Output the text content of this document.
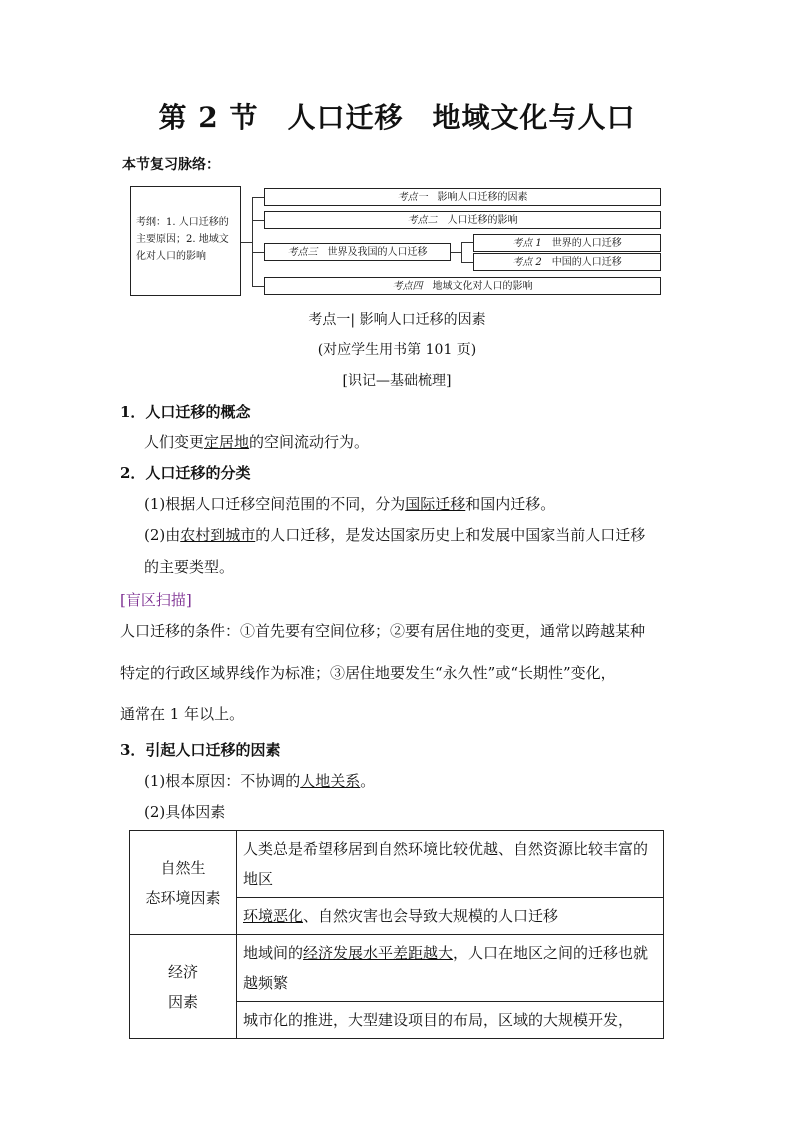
第 2 节　人口迁移　地域文化与人口
本节复习脉络：
考纲：1. 人口迁移的主要原因；2. 地域文化对人口的影响
考点一　 影响人口迁移的因素
考点二　 人口迁移的影响
考点三　 世界及我国的人口迁移
考点四　 地域文化对人口的影响
考点 1　 世界的人口迁移
考点 2　 中国的人口迁移
考点一| 影响人口迁移的因素
(对应学生用书第 101 页)
[识记—基础梳理]
1．人口迁移的概念
人们变更定居地的空间流动行为。
2．人口迁移的分类
(1)根据人口迁移空间范围的不同，分为国际迁移和国内迁移。
(2)由农村到城市的人口迁移，是发达国家历史上和发展中国家当前人口迁移
的主要类型。
[盲区扫描]
人口迁移的条件：①首先要有空间位移；②要有居住地的变更，通常以跨越某种
特定的行政区域界线作为标准；③居住地要发生“永久性”或“长期性”变化，
通常在 1 年以上。
3．引起人口迁移的因素
(1)根本原因：不协调的人地关系。
(2)具体因素
自然生
态环境因素	人类总是希望移居到自然环境比较优越、自然资源比较丰富的地区
	环境恶化、自然灾害也会导致大规模的人口迁移

经济
因素	地域间的经济发展水平差距越大，人口在地区之间的迁移也就越频繁
	城市化的推进，大型建设项目的布局，区域的大规模开发，
